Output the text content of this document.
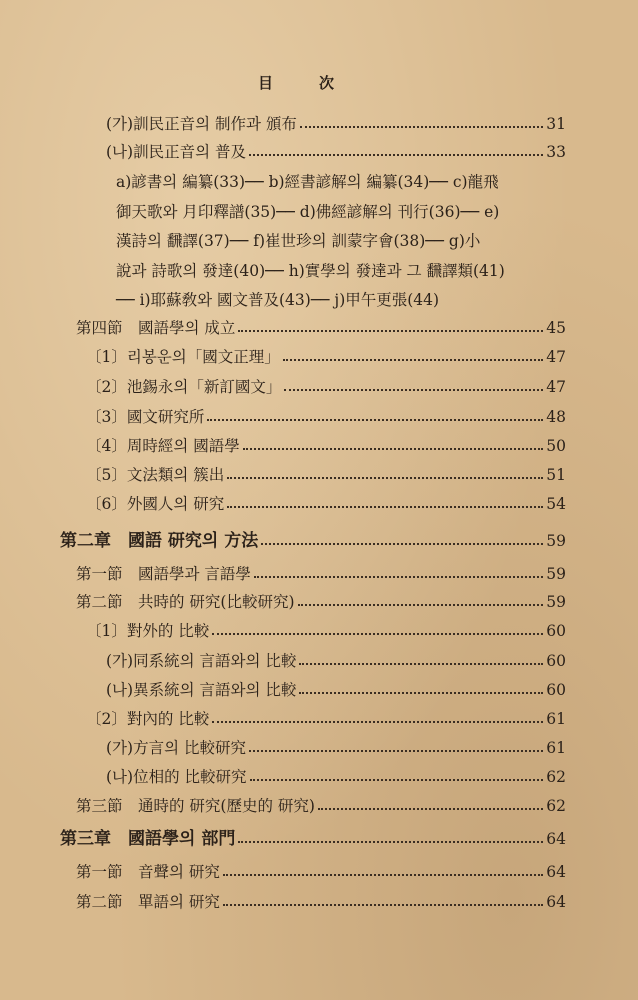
目次
(가)訓民正音의 制作과 頒布	31
(나)訓民正音의 普及	33
a)諺書의 編纂(33)── b)經書諺解의 編纂(34)── c)龍飛
御天歌와 月印釋譜(35)── d)佛經諺解의 刊行(36)── e)
漢詩의 飜譯(37)── f)崔世珍의 訓蒙字會(38)── g)小
說과 詩歌의 發達(40)── h)實學의 發達과 그 飜譯類(41)
── i)耶蘇敎와 國文普及(43)── j)甲午更張(44)
第四節　國語學의 成立	45
〔1〕리봉운의「國文正理」	47
〔2〕池錫永의「新訂國文」	47
〔3〕國文研究所	48
〔4〕周時經의 國語學	50
〔5〕文法類의 簇出	51
〔6〕外國人의 研究	54
第二章　國語 研究의 方法	59
第一節　國語學과 言語學	59
第二節　共時的 研究(比較研究)	59
〔1〕對外的 比較	60
(가)同系統의 言語와의 比較	60
(나)異系統의 言語와의 比較	60
〔2〕對內的 比較	61
(가)方言의 比較研究	61
(나)位相的 比較研究	62
第三節　通時的 研究(歷史的 研究)	62
第三章　國語學의 部門	64
第一節　音聲의 研究	64
第二節　單語의 研究	64
